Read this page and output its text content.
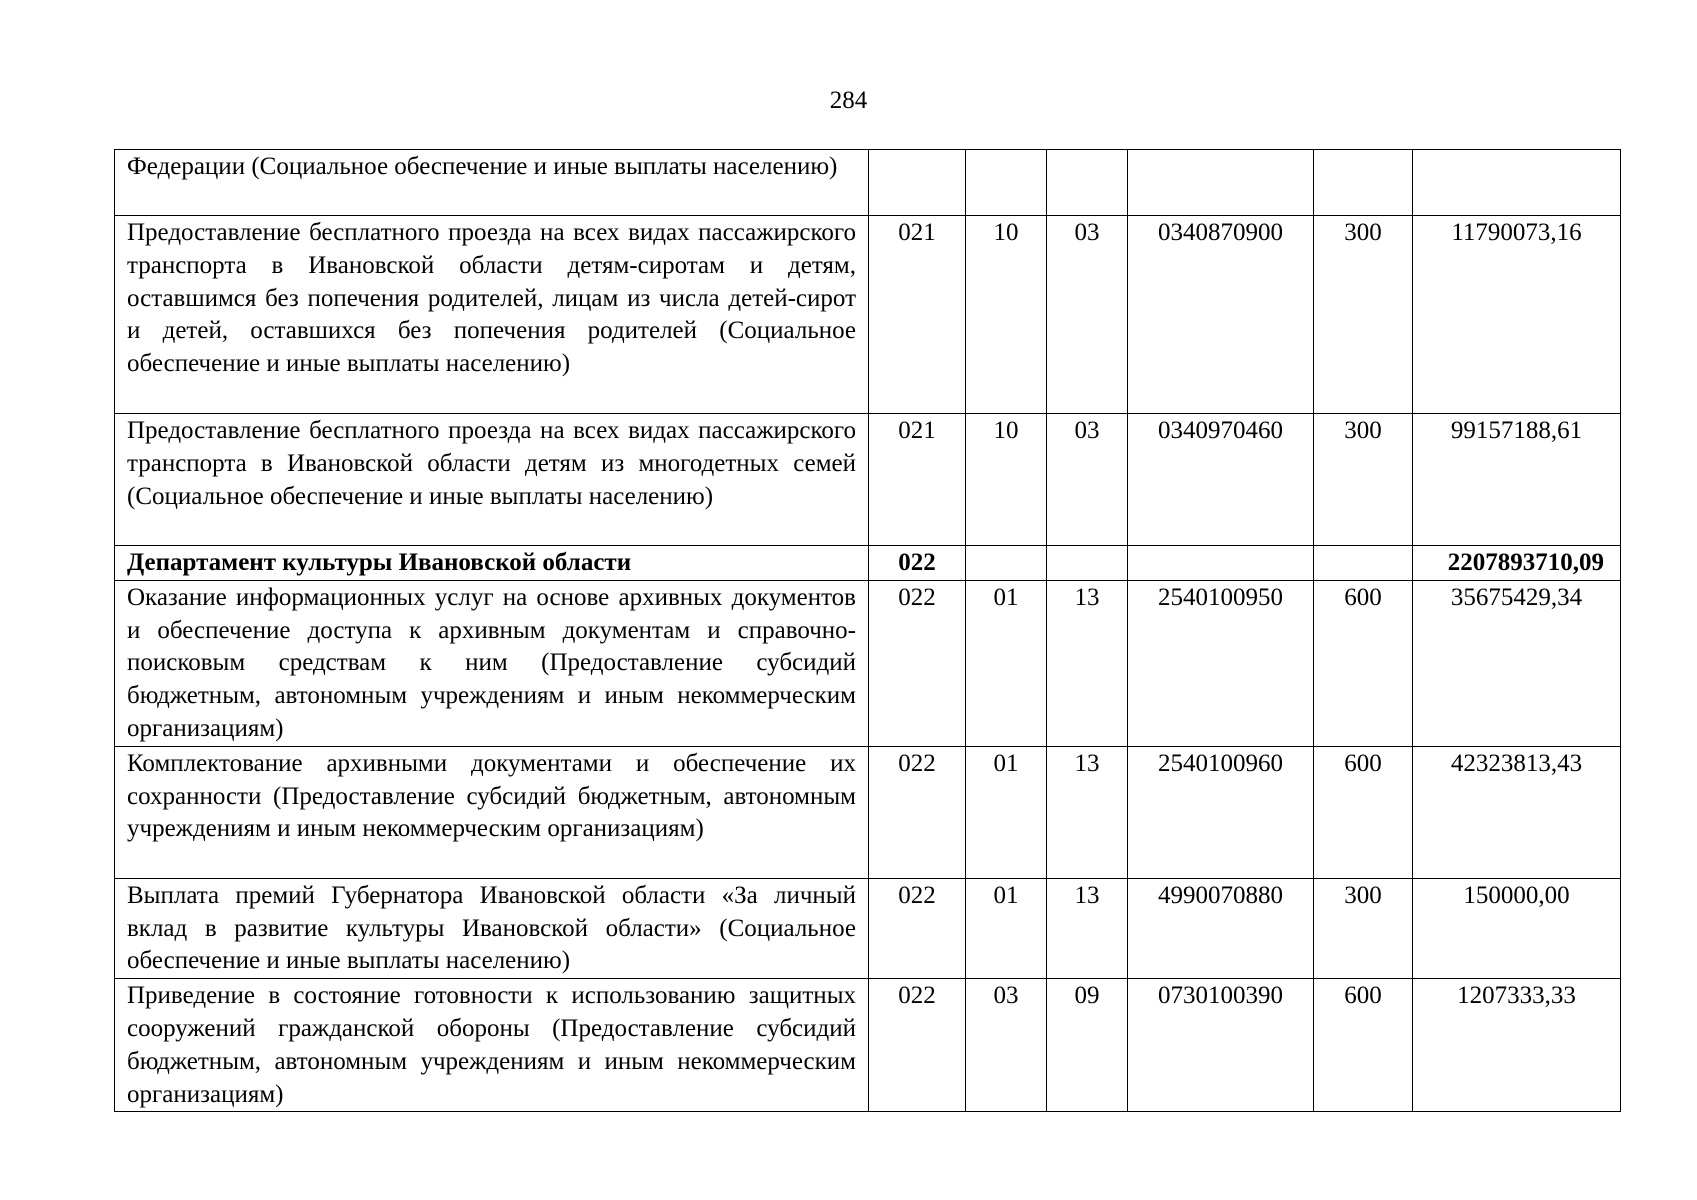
284
Федерации (Социальное обеспечение и иные выплаты населению)						
Предоставление бесплатного проезда на всех видах пассажирского транспорта в Ивановской области детям-сиротам и детям, оставшимся без попечения родителей, лицам из числа детей-сирот и детей, оставшихся без попечения родителей (Социальное обеспечение и иные выплаты населению)	021	10	03	0340870900	300	11790073,16
Предоставление бесплатного проезда на всех видах пассажирского транспорта в Ивановской области детям из многодетных семей (Социальное обеспечение и иные выплаты населению)	021	10	03	0340970460	300	99157188,61
Департамент культуры Ивановской области	022					2207893710,09
Оказание информационных услуг на основе архивных документов и обеспечение доступа к архивным документам и справочно-поисковым средствам к ним (Предоставление субсидий бюджетным, автономным учреждениям и иным некоммерческим организациям)	022	01	13	2540100950	600	35675429,34
Комплектование архивными документами и обеспечение их сохранности (Предоставление субсидий бюджетным, автономным учреждениям и иным некоммерческим организациям)	022	01	13	2540100960	600	42323813,43
Выплата премий Губернатора Ивановской области «За личный вклад в развитие культуры Ивановской области» (Социальное обеспечение и иные выплаты населению)	022	01	13	4990070880	300	150000,00
Приведение в состояние готовности к использованию защитных сооружений гражданской обороны (Предоставление субсидий бюджетным, автономным учреждениям и иным некоммерческим организациям)	022	03	09	0730100390	600	1207333,33
